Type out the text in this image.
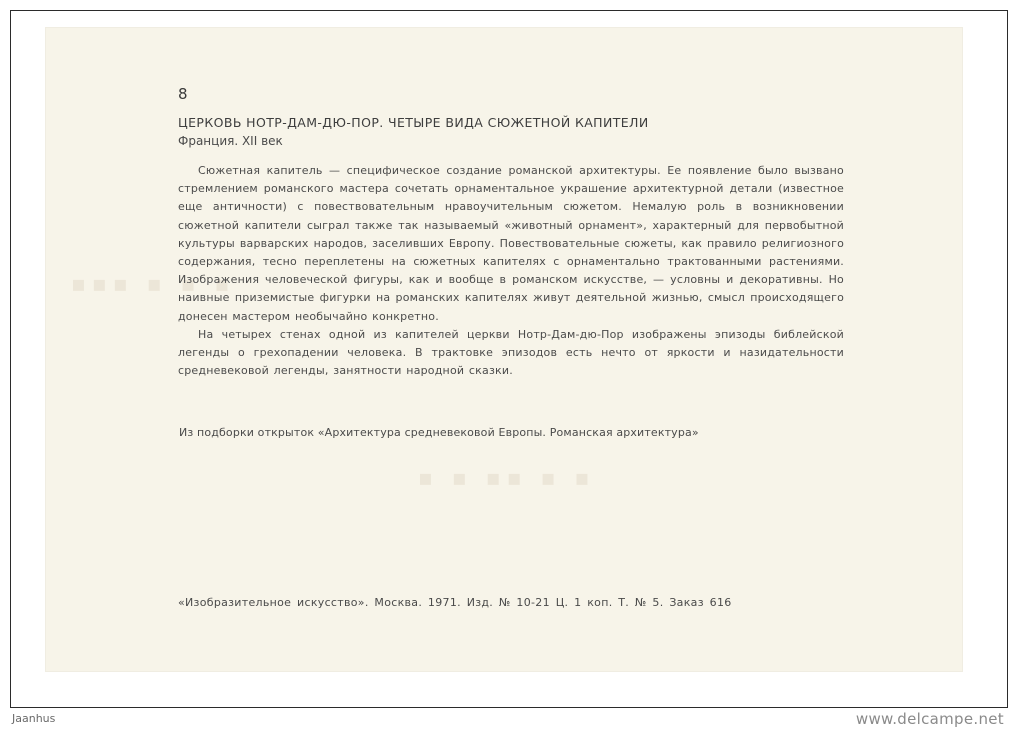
▪▪▪ ▪ ▪ ▪
▪ ▪ ▪▪ ▪ ▪
8
ЦЕРКОВЬ НОТР-ДАМ-ДЮ-ПОР. ЧЕТЫРЕ ВИДА СЮЖЕТНОЙ КАПИТЕЛИ
Франция. XII век

Сюжетная капитель — специфическое создание романской архитектуры. Ее появление было вызвано стремлением романского мастера сочетать орнаментальное украшение архитектурной детали (известное еще античности) с повествовательным нравоучительным сюжетом. Немалую роль в возникновении сюжетной капители сыграл также так называемый «животный орнамент», характерный для первобытной культуры варварских народов, заселивших Европу. Повествовательные сюжеты, как правило религиозного содержания, тесно переплетены на сюжетных капителях с орнаментально трактованными растениями. Изображения человеческой фигуры, как и вообще в романском искусстве, — условны и декоративны. Но наивные приземистые фигурки на романских капителях живут деятельной жизнью, смысл происходящего донесен мастером необычайно конкретно.

На четырех стенах одной из капителей церкви Нотр-Дам-дю-Пор изображены эпизоды библейской легенды о грехопадении человека. В трактовке эпизодов есть нечто от яркости и назидательности средневековой легенды, занятности народной сказки.

Из подборки открыток «Архитектура средневековой Европы. Романская архитектура»
«Изобразительное искусство». Москва. 1971. Изд. № 10-21 Ц. 1 коп. Т. № 5. Заказ 616
Jaanhus	www.delcampe.net
